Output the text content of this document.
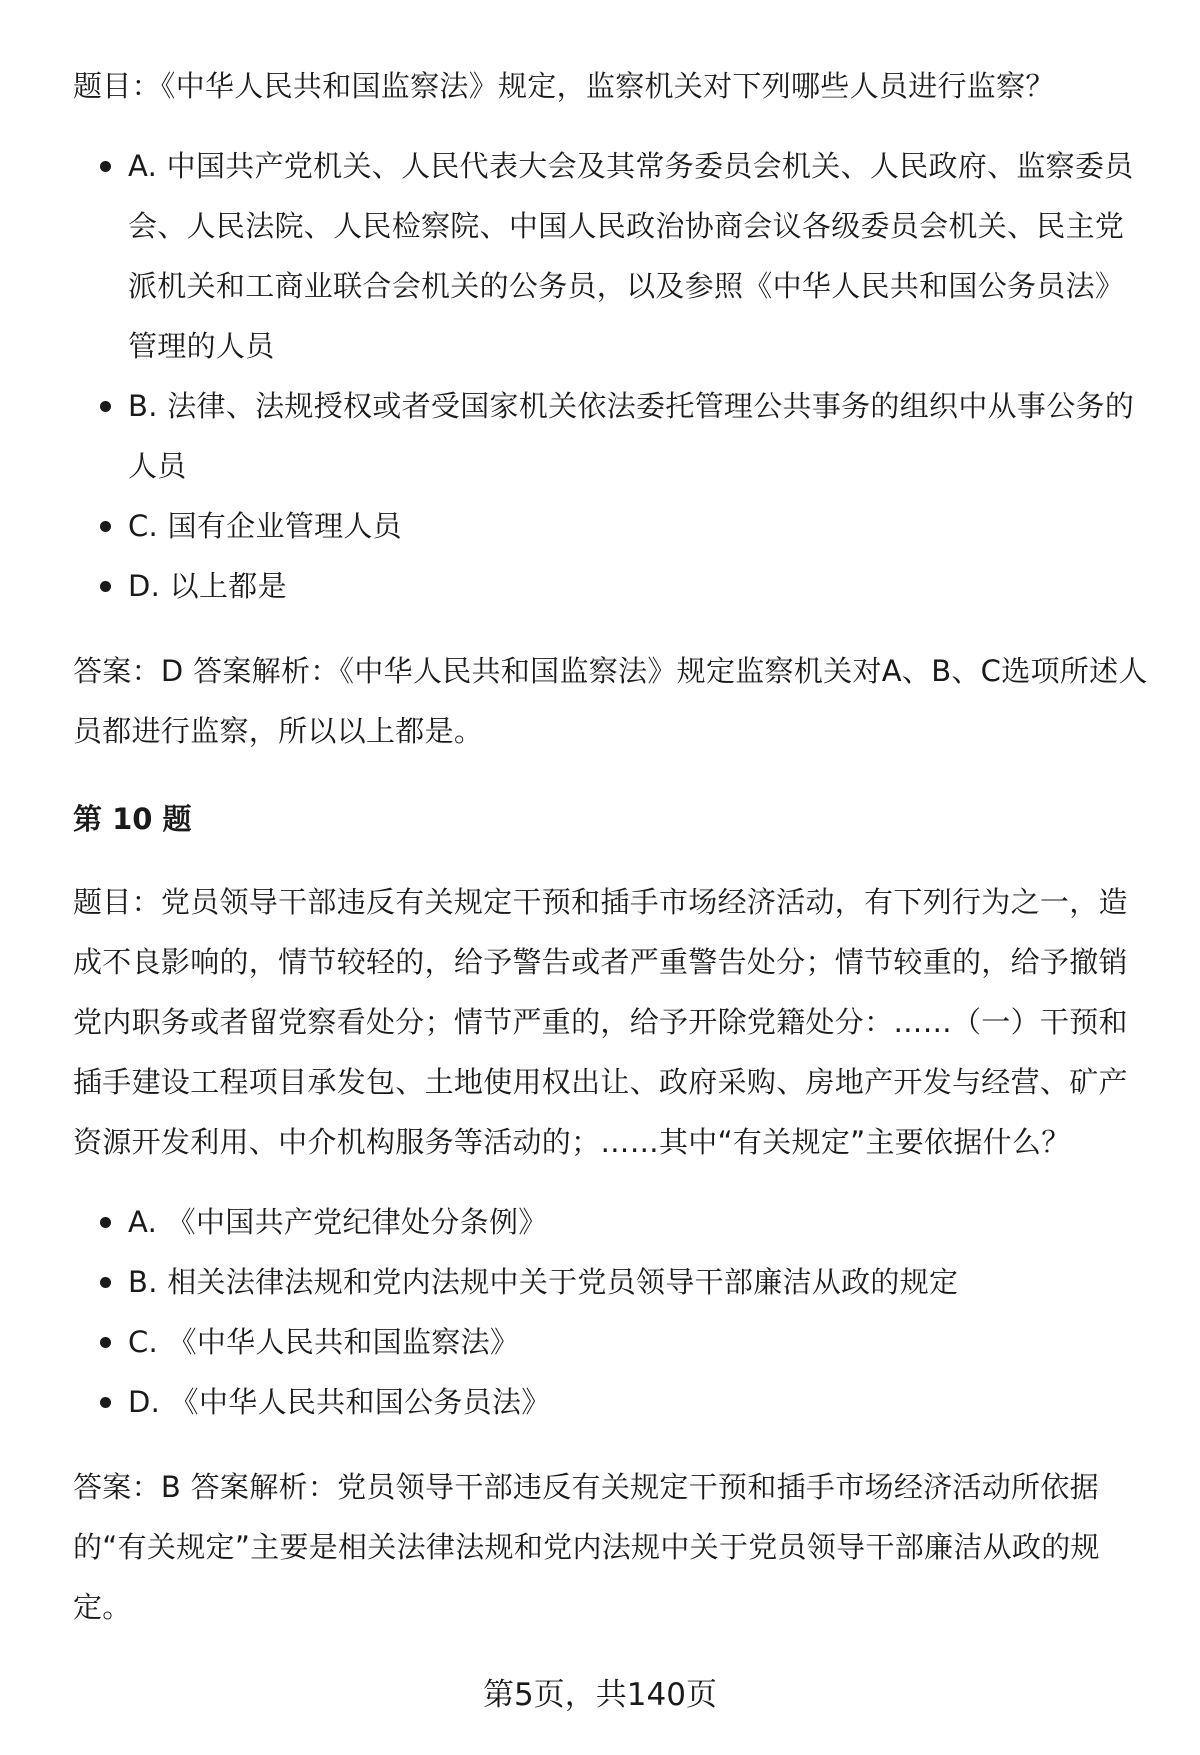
题目：《中华人民共和国监察法》规定，监察机关对下列哪些人员进行监察？

A. 中国共产党机关、人民代表大会及其常务委员会机关、人民政府、监察委员会、人民法院、人民检察院、中国人民政治协商会议各级委员会机关、民主党派机关和工商业联合会机关的公务员，以及参照《中华人民共和国公务员法》管理的人员
B. 法律、法规授权或者受国家机关依法委托管理公共事务的组织中从事公务的人员
C. 国有企业管理人员
D. 以上都是

答案：D 答案解析：《中华人民共和国监察法》规定监察机关对A、B、C选项所述人员都进行监察，所以以上都是。

第 10 题

题目：党员领导干部违反有关规定干预和插手市场经济活动，有下列行为之一，造成不良影响的，情节较轻的，给予警告或者严重警告处分；情节较重的，给予撤销党内职务或者留党察看处分；情节严重的，给予开除党籍处分：……（一）干预和插手建设工程项目承发包、土地使用权出让、政府采购、房地产开发与经营、矿产资源开发利用、中介机构服务等活动的；……其中“有关规定”主要依据什么？

A. 《中国共产党纪律处分条例》
B. 相关法律法规和党内法规中关于党员领导干部廉洁从政的规定
C. 《中华人民共和国监察法》
D. 《中华人民共和国公务员法》

答案：B 答案解析：党员领导干部违反有关规定干预和插手市场经济活动所依据的“有关规定”主要是相关法律法规和党内法规中关于党员领导干部廉洁从政的规定。

第5页，共140页
